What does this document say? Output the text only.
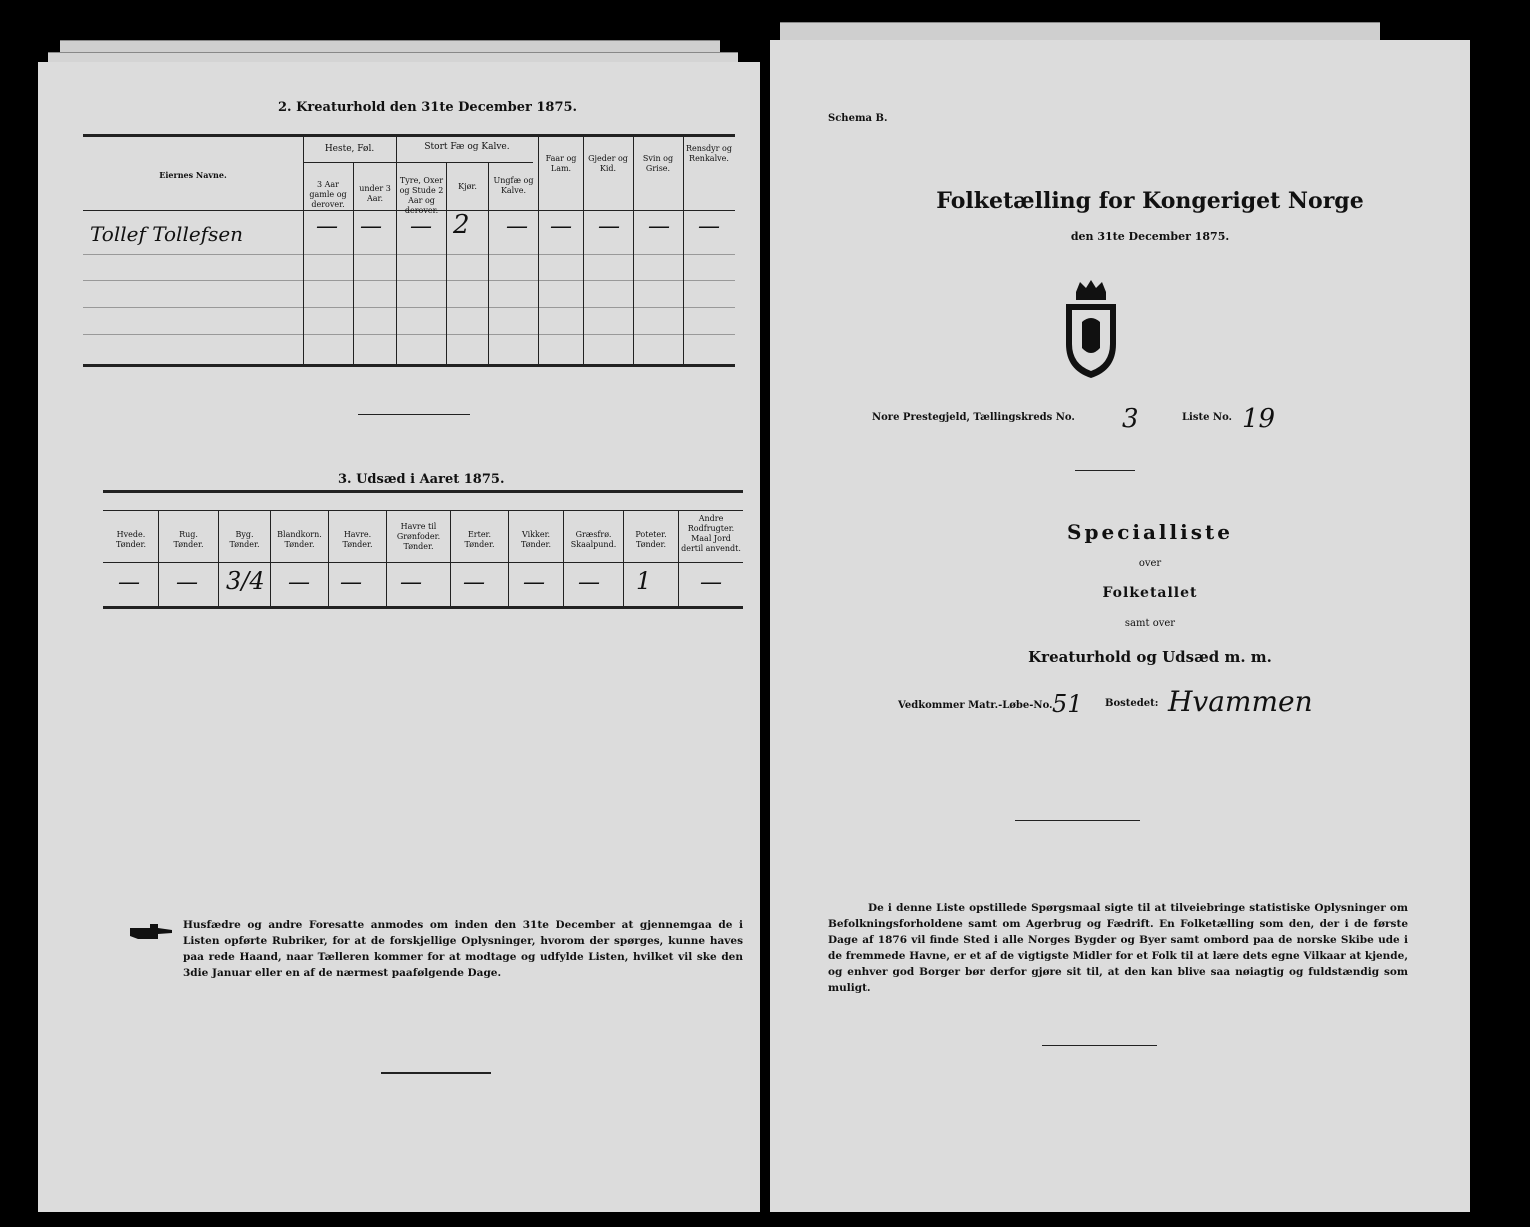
2. Kreaturhold den 31te December 1875.
Eiernes Navne.
Heste, Føl.
3 Aar gamle og derover.
under 3 Aar.
Stort Fæ og Kalve.
Tyre, Oxer og Stude 2 Aar og derover.
Kjør.
Ungfæ og Kalve.
Faar og Lam.
Gjeder og Kid.
Svin og Grise.
Rensdyr og Renkalve.
Tollef Tollefsen	— — — 2 — — — — —
3. Udsæd i Aaret 1875.
Hvede.
Tønder.
Rug.
Tønder.
Byg.
Tønder.
Blandkorn.
Tønder.
Havre.
Tønder.
Havre til Grønfoder.
Tønder.
Erter.
Tønder.
Vikker.
Tønder.
Græsfrø.
Skaalpund.
Poteter.
Tønder.
Andre Rodfrugter.
Maal Jord dertil anvendt.
— — 3/4 — — — — — — 1 —
Husfædre og andre Foresatte anmodes om inden den 31te December at gjennemgaa de i Listen opførte Rubriker, for at de forskjellige Oplysninger, hvorom der spørges, kunne haves paa rede Haand, naar Tælleren kommer for at modtage og udfylde Listen, hvilket vil ske den 3die Januar eller en af de nærmest paafølgende Dage.
Schema B.
Folketælling for Kongeriget Norge
den 31te December 1875.
Nore Prestegjeld, Tællingskreds No. 3	Liste No. 19
Specialliste
over
Folketallet
samt over
Kreaturhold og Udsæd m. m.
Vedkommer Matr.-Løbe-No. 51 Bostedet: Hvammen
De i denne Liste opstillede Spørgsmaal sigte til at tilveiebringe statistiske Oplysninger om Befolkningsforholdene samt om Agerbrug og Fædrift. En Folketælling som den, der i de første Dage af 1876 vil finde Sted i alle Norges Bygder og Byer samt ombord paa de norske Skibe ude i de fremmede Havne, er et af de vigtigste Midler for et Folk til at lære dets egne Vilkaar at kjende, og enhver god Borger bør derfor gjøre sit til, at den kan blive saa nøiagtig og fuldstændig som muligt.
